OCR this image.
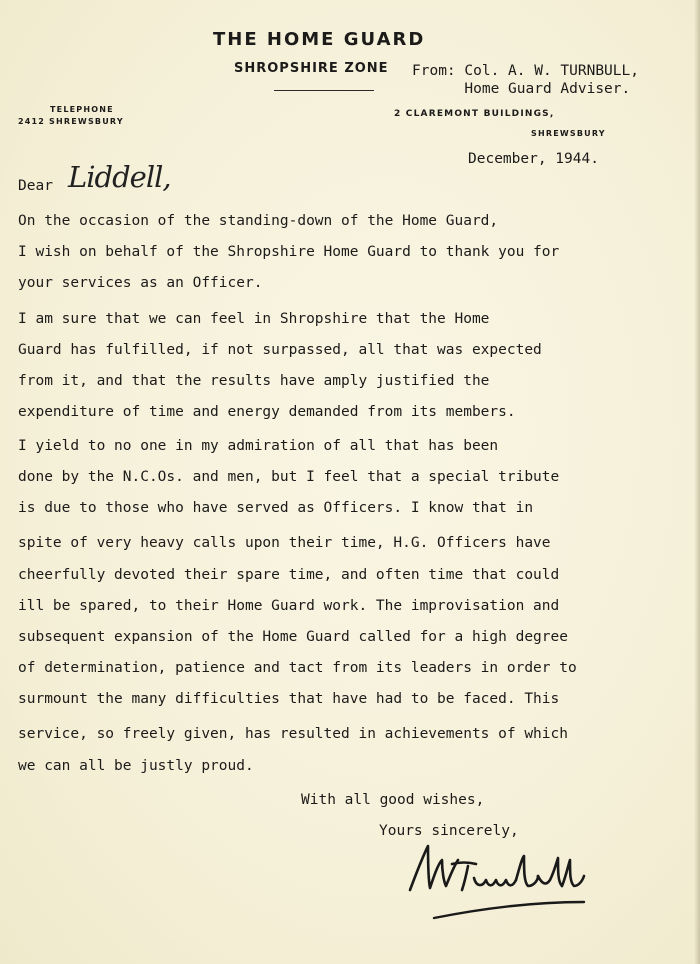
THE HOME GUARD
SHROPSHIRE ZONE From: Col. A. W. TURNBULL,
Home Guard Adviser.
TELEPHONE
2412 SHREWSBURY
2 CLAREMONT BUILDINGS,
SHREWSBURY
December, 1944.
Dear Liddell,
On the occasion of the standing-down of the Home Guard,
I wish on behalf of the Shropshire Home Guard to thank you for
your services as an Officer.
I am sure that we can feel in Shropshire that the Home
Guard has fulfilled, if not surpassed, all that was expected
from it, and that the results have amply justified the
expenditure of time and energy demanded from its members.
I yield to no one in my admiration of all that has been
done by the N.C.Os. and men, but I feel that a special tribute
is due to those who have served as Officers. I know that in
spite of very heavy calls upon their time, H.G. Officers have
cheerfully devoted their spare time, and often time that could
ill be spared, to their Home Guard work. The improvisation and
subsequent expansion of the Home Guard called for a high degree
of determination, patience and tact from its leaders in order to
surmount the many difficulties that have had to be faced. This
service, so freely given, has resulted in achievements of which
we can all be justly proud.
With all good wishes,
Yours sincerely,
